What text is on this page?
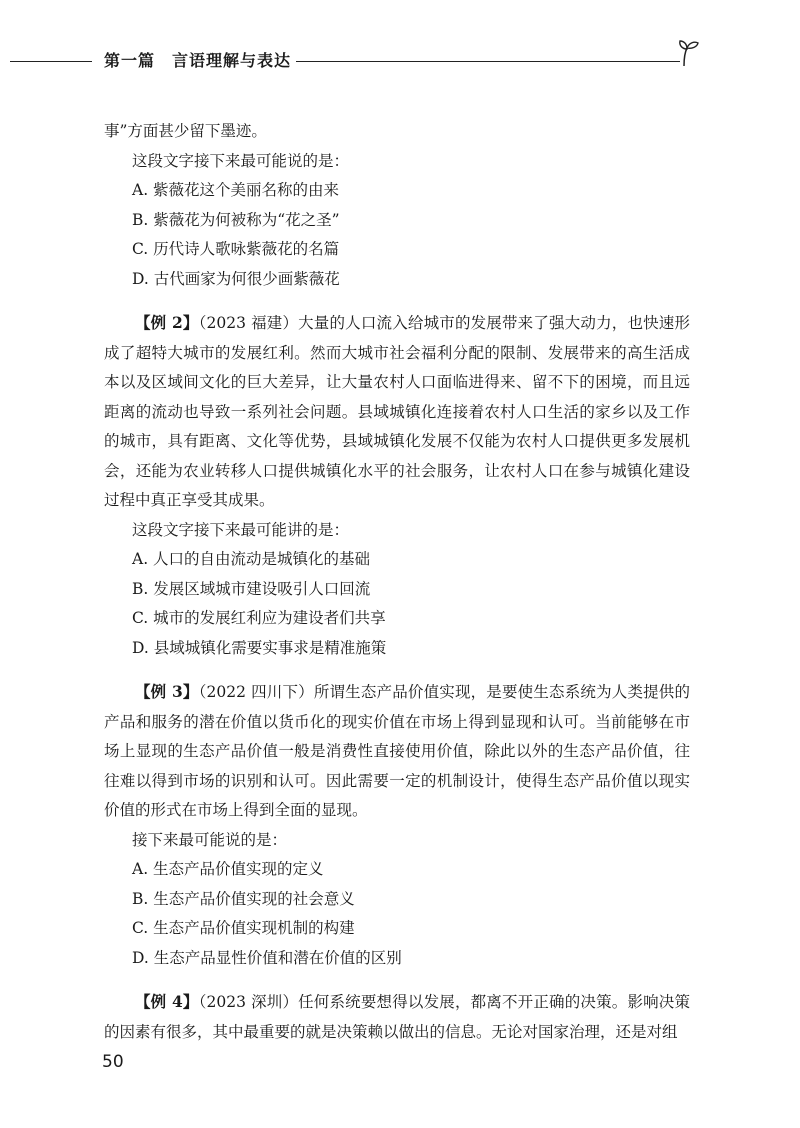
第一篇　言语理解与表达

事”方面甚少留下墨迹。

这段文字接下来最可能说的是：

A. 紫薇花这个美丽名称的由来

B. 紫薇花为何被称为“花之圣”

C. 历代诗人歌咏紫薇花的名篇

D. 古代画家为何很少画紫薇花

【例 2】（2023 福建）大量的人口流入给城市的发展带来了强大动力，也快速形成了超特大城市的发展红利。然而大城市社会福利分配的限制、发展带来的高生活成本以及区域间文化的巨大差异，让大量农村人口面临进得来、留不下的困境，而且远距离的流动也导致一系列社会问题。县域城镇化连接着农村人口生活的家乡以及工作的城市，具有距离、文化等优势，县域城镇化发展不仅能为农村人口提供更多发展机会，还能为农业转移人口提供城镇化水平的社会服务，让农村人口在参与城镇化建设过程中真正享受其成果。

这段文字接下来最可能讲的是：

A. 人口的自由流动是城镇化的基础

B. 发展区域城市建设吸引人口回流

C. 城市的发展红利应为建设者们共享

D. 县域城镇化需要实事求是精准施策

【例 3】（2022 四川下）所谓生态产品价值实现，是要使生态系统为人类提供的产品和服务的潜在价值以货币化的现实价值在市场上得到显现和认可。当前能够在市场上显现的生态产品价值一般是消费性直接使用价值，除此以外的生态产品价值，往往难以得到市场的识别和认可。因此需要一定的机制设计，使得生态产品价值以现实价值的形式在市场上得到全面的显现。

接下来最可能说的是：

A. 生态产品价值实现的定义

B. 生态产品价值实现的社会意义

C. 生态产品价值实现机制的构建

D. 生态产品显性价值和潜在价值的区别

【例 4】（2023 深圳）任何系统要想得以发展，都离不开正确的决策。影响决策的因素有很多，其中最重要的就是决策赖以做出的信息。无论对国家治理，还是对组

50
